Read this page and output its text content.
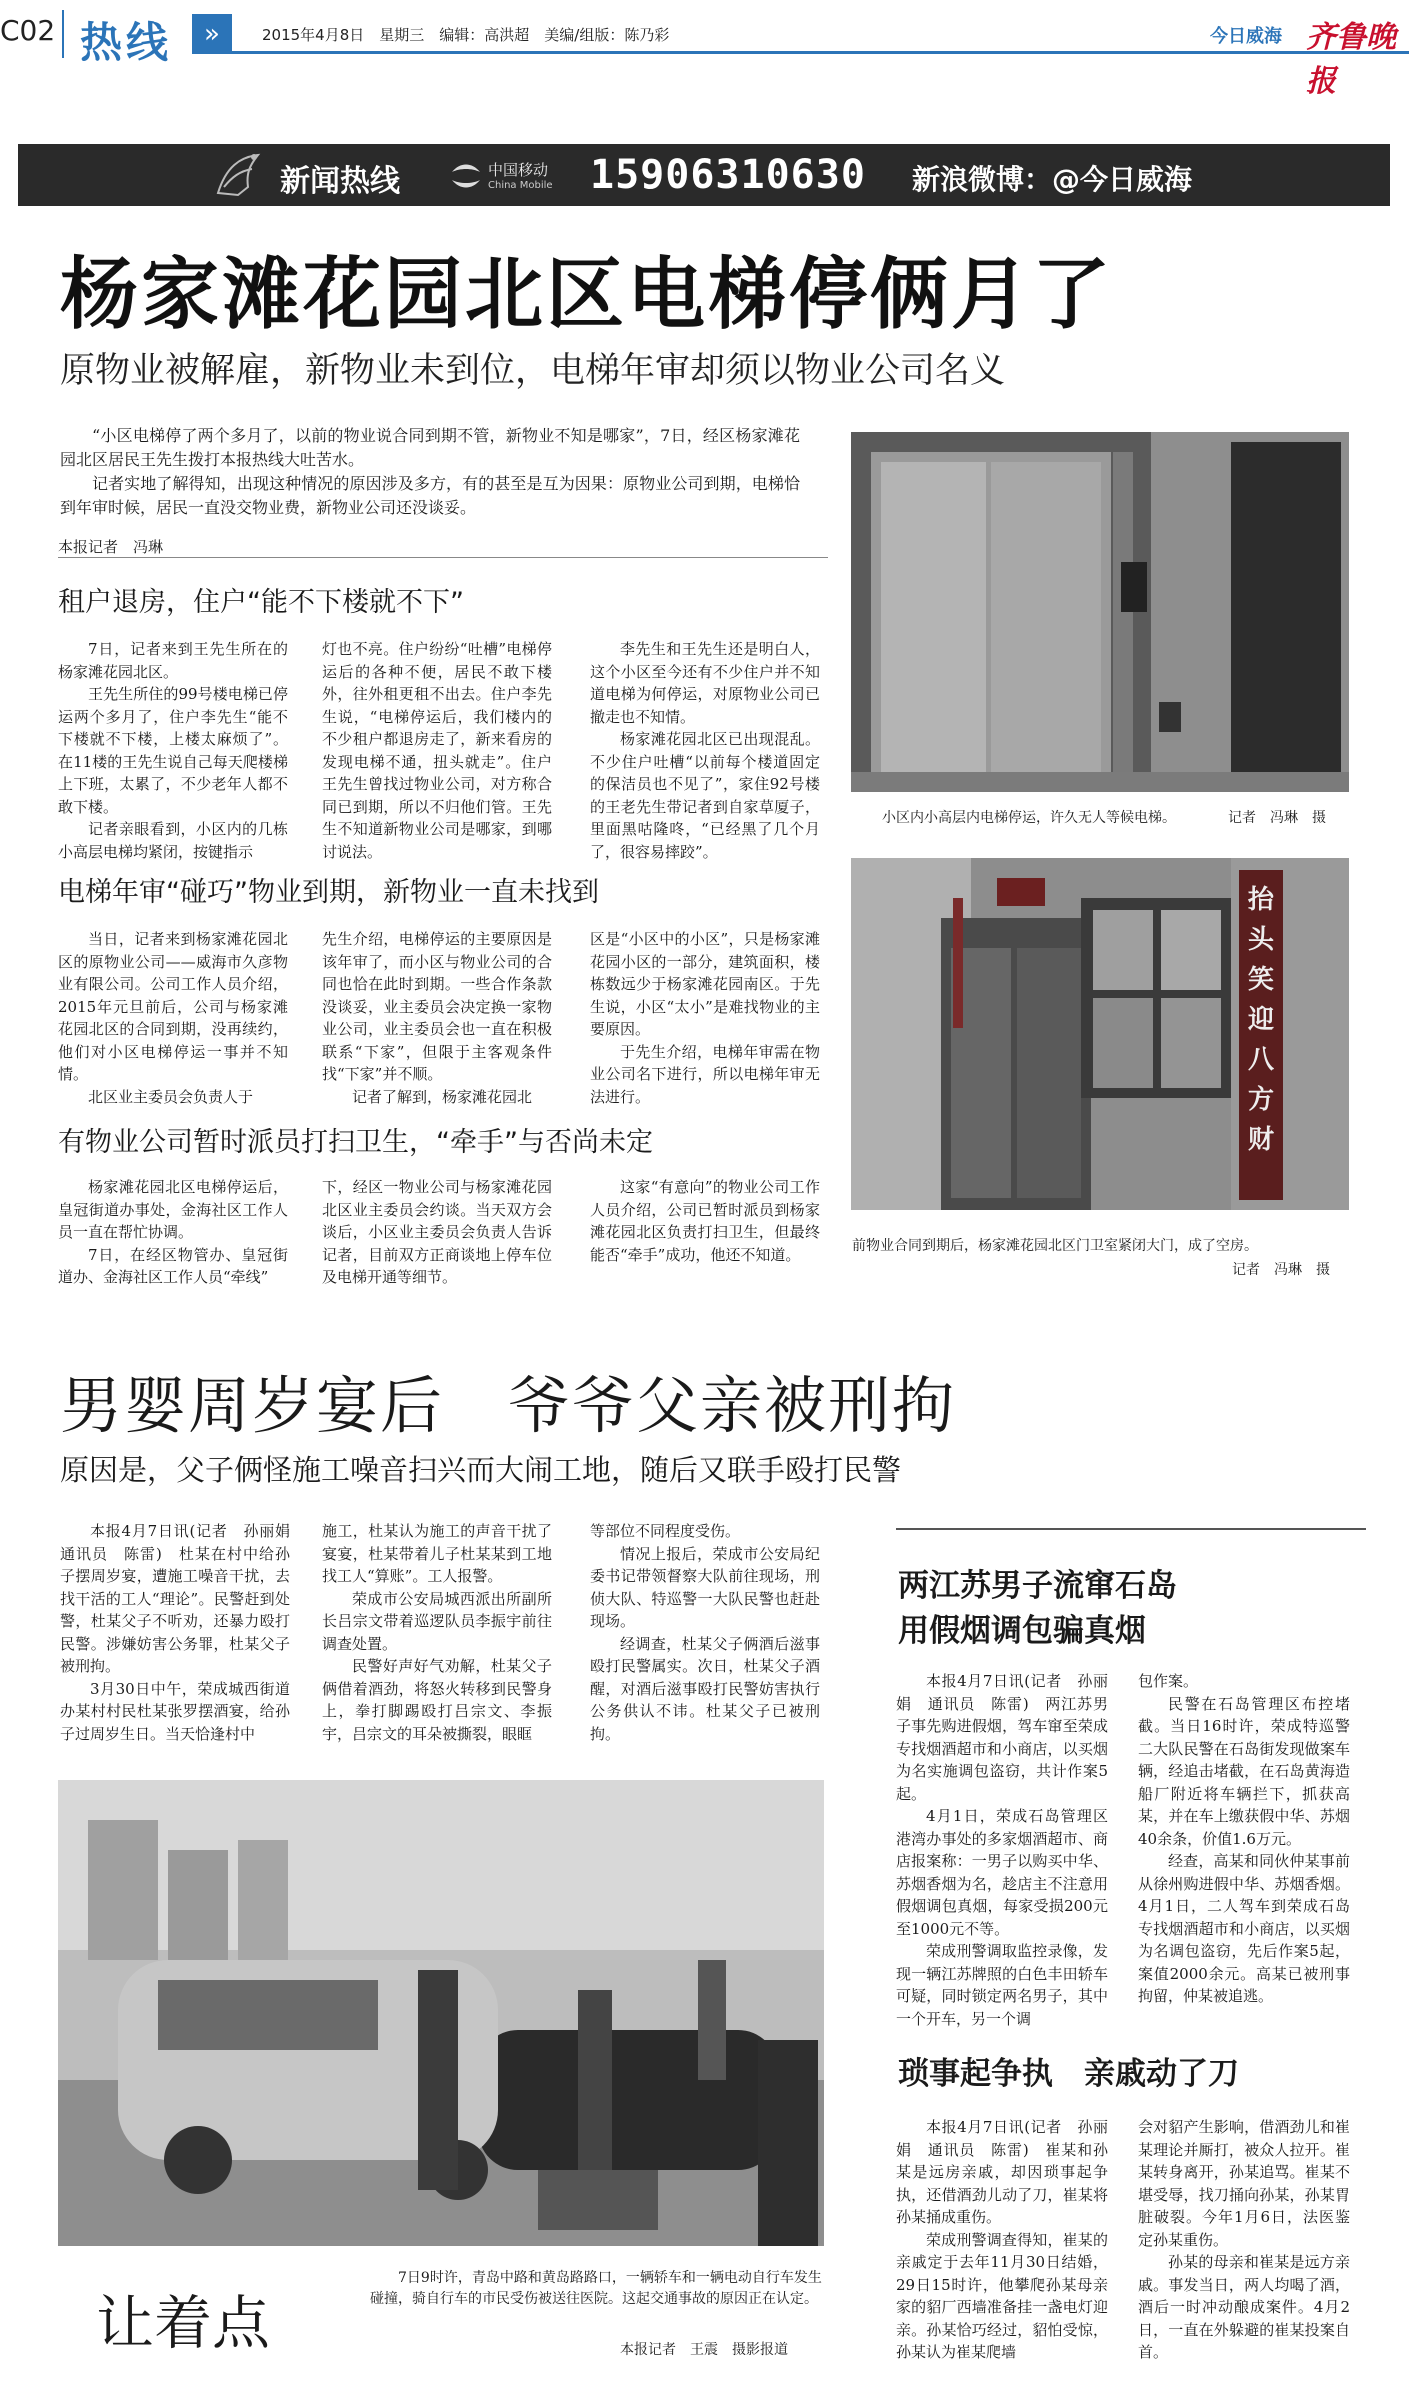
C02 热线	»	2015年4月8日　星期三　编辑：高洪超　美编/组版：陈乃彩	今日威海 齐鲁晚报
新闻热线	中国移动
China Mobile 15906310630 新浪微博：@今日威海
杨家滩花园北区电梯停俩月了
原物业被解雇，新物业未到位，电梯年审却须以物业公司名义

“小区电梯停了两个多月了，以前的物业说合同到期不管，新物业不知是哪家”，7日，经区杨家滩花园北区居民王先生拨打本报热线大吐苦水。

记者实地了解得知，出现这种情况的原因涉及多方，有的甚至是互为因果：原物业公司到期，电梯恰到年审时候，居民一直没交物业费，新物业公司还没谈妥。

本报记者　冯琳
租户退房，住户“能不下楼就不下”

7日，记者来到王先生所在的杨家滩花园北区。

王先生所住的99号楼电梯已停运两个多月了，住户李先生“能不下楼就不下楼，上楼太麻烦了”。在11楼的王先生说自己每天爬楼梯上下班，太累了，不少老年人都不敢下楼。

记者亲眼看到，小区内的几栋小高层电梯均紧闭，按键指示

灯也不亮。住户纷纷“吐槽”电梯停运后的各种不便，居民不敢下楼外，往外租更租不出去。住户李先生说，“电梯停运后，我们楼内的不少租户都退房走了，新来看房的发现电梯不通，扭头就走”。住户王先生曾找过物业公司，对方称合同已到期，所以不归他们管。王先生不知道新物业公司是哪家，到哪讨说法。

李先生和王先生还是明白人，这个小区至今还有不少住户并不知道电梯为何停运，对原物业公司已撤走也不知情。

杨家滩花园北区已出现混乱。不少住户吐槽“以前每个楼道固定的保洁员也不见了”，家住92号楼的王老先生带记者到自家草厦子，里面黑咕隆咚，“已经黑了几个月了，很容易摔跤”。

电梯年审“碰巧”物业到期，新物业一直未找到

当日，记者来到杨家滩花园北区的原物业公司——威海市久彦物业有限公司。公司工作人员介绍，2015年元旦前后，公司与杨家滩花园北区的合同到期，没再续约，他们对小区电梯停运一事并不知情。

北区业主委员会负责人于

先生介绍，电梯停运的主要原因是该年审了，而小区与物业公司的合同也恰在此时到期。一些合作条款没谈妥，业主委员会决定换一家物业公司，业主委员会也一直在积极联系“下家”，但限于主客观条件找“下家”并不顺。

记者了解到，杨家滩花园北

区是“小区中的小区”，只是杨家滩花园小区的一部分，建筑面积，楼栋数远少于杨家滩花园南区。于先生说，小区“太小”是难找物业的主要原因。

于先生介绍，电梯年审需在物业公司名下进行，所以电梯年审无法进行。

有物业公司暂时派员打扫卫生，“牵手”与否尚未定

杨家滩花园北区电梯停运后，皇冠街道办事处，金海社区工作人员一直在帮忙协调。

7日，在经区物管办、皇冠街道办、金海社区工作人员“牵线”

下，经区一物业公司与杨家滩花园北区业主委员会约谈。当天双方会谈后，小区业主委员会负责人告诉记者，目前双方正商谈地上停车位及电梯开通等细节。

这家“有意向”的物业公司工作人员介绍，公司已暂时派员到杨家滩花园北区负责打扫卫生，但最终能否“牵手”成功，他还不知道。

小区内小高层内电梯停运，许久无人等候电梯。	记者　冯琳　摄
抬头笑迎八方财
前物业合同到期后，杨家滩花园北区门卫室紧闭大门，成了空房。
记者　冯琳　摄
男婴周岁宴后　爷爷父亲被刑拘
原因是，父子俩怪施工噪音扫兴而大闹工地，随后又联手殴打民警

本报4月7日讯(记者　孙丽娟　通讯员　陈雷)　杜某在村中给孙子摆周岁宴，遭施工噪音干扰，去找干活的工人“理论”。民警赶到处警，杜某父子不听劝，还暴力殴打民警。涉嫌妨害公务罪，杜某父子被刑拘。

3月30日中午，荣成城西街道办某村村民杜某张罗摆酒宴，给孙子过周岁生日。当天恰逢村中

施工，杜某认为施工的声音干扰了宴宴，杜某带着儿子杜某某到工地找工人“算账”。工人报警。

荣成市公安局城西派出所副所长吕宗文带着巡逻队员李振宇前往调查处置。

民警好声好气劝解，杜某父子俩借着酒劲，将怒火转移到民警身上，拳打脚踢殴打吕宗文、李振宇，吕宗文的耳朵被撕裂，眼眶

等部位不同程度受伤。

情况上报后，荣成市公安局纪委书记带领督察大队前往现场，刑侦大队、特巡警一大队民警也赶赴现场。

经调查，杜某父子俩酒后滋事殴打民警属实。次日，杜某父子酒醒，对酒后滋事殴打民警妨害执行公务供认不讳。杜某父子已被刑拘。

两江苏男子流窜石岛
用假烟调包骗真烟

本报4月7日讯(记者　孙丽娟　通讯员　陈雷)　两江苏男子事先购进假烟，驾车窜至荣成专找烟酒超市和小商店，以买烟为名实施调包盗窃，共计作案5起。

4月1日，荣成石岛管理区港湾办事处的多家烟酒超市、商店报案称：一男子以购买中华、苏烟香烟为名，趁店主不注意用假烟调包真烟，每家受损200元至1000元不等。

荣成刑警调取监控录像，发现一辆江苏牌照的白色丰田轿车可疑，同时锁定两名男子，其中一个开车，另一个调

包作案。

民警在石岛管理区布控堵截。当日16时许，荣成特巡警二大队民警在石岛街发现做案车辆，经追击堵截，在石岛黄海造船厂附近将车辆拦下，抓获高某，并在车上缴获假中华、苏烟40余条，价值1.6万元。

经查，高某和同伙仲某事前从徐州购进假中华、苏烟香烟。4月1日，二人驾车到荣成石岛专找烟酒超市和小商店，以买烟为名调包盗窃，先后作案5起，案值2000余元。高某已被刑事拘留，仲某被追逃。

琐事起争执　亲戚动了刀

本报4月7日讯(记者　孙丽娟　通讯员　陈雷)　崔某和孙某是远房亲戚，却因琐事起争执，还借酒劲儿动了刀，崔某将孙某捅成重伤。

荣成刑警调查得知，崔某的亲戚定于去年11月30日结婚，29日15时许，他攀爬孙某母亲家的貂厂西墙准备挂一盏电灯迎亲。孙某恰巧经过，貂怕受惊，孙某认为崔某爬墙

会对貂产生影响，借酒劲儿和崔某理论并厮打，被众人拉开。崔某转身离开，孙某追骂。崔某不堪受辱，找刀捅向孙某，孙某胃脏破裂。今年1月6日，法医鉴定孙某重伤。

孙某的母亲和崔某是远方亲戚。事发当日，两人均喝了酒，酒后一时冲动酿成案件。4月2日，一直在外躲避的崔某投案自首。

让着点
7日9时许，青岛中路和黄岛路路口，一辆轿车和一辆电动自行车发生碰撞，骑自行车的市民受伤被送往医院。这起交通事故的原因正在认定。
本报记者　王震　摄影报道
